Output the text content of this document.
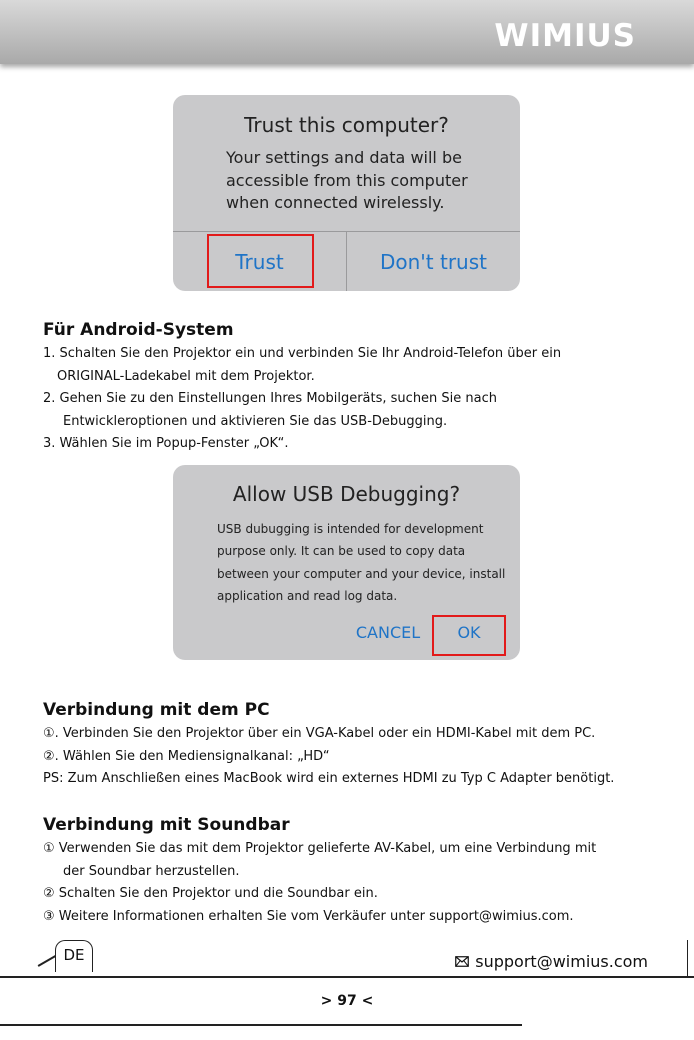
WIMIUS
Trust this computer?
Your settings and data will be accessible from this computer when connected wirelessly.
Trust	Don't trust
Für Android-System
1. Schalten Sie den Projektor ein und verbinden Sie Ihr Android-Telefon über ein
ORIGINAL-Ladekabel mit dem Projektor.
2. Gehen Sie zu den Einstellungen Ihres Mobilgeräts, suchen Sie nach
Entwickleroptionen und aktivieren Sie das USB-Debugging.
3. Wählen Sie im Popup-Fenster „OK“.
Allow USB Debugging?
USB dubugging is intended for development purpose only. It can be used to copy data between your computer and your device, install application and read log data.
CANCEL	OK
Verbindung mit dem PC
①. Verbinden Sie den Projektor über ein VGA-Kabel oder ein HDMI-Kabel mit dem PC.
②. Wählen Sie den Mediensignalkanal: „HD“
PS: Zum Anschließen eines MacBook wird ein externes HDMI zu Typ C Adapter benötigt.
Verbindung mit Soundbar
① Verwenden Sie das mit dem Projektor gelieferte AV-Kabel, um eine Verbindung mit
der Soundbar herzustellen.
② Schalten Sie den Projektor und die Soundbar ein.
③ Weitere Informationen erhalten Sie vom Verkäufer unter support@wimius.com.
DE	support@wimius.com
> 97 <
